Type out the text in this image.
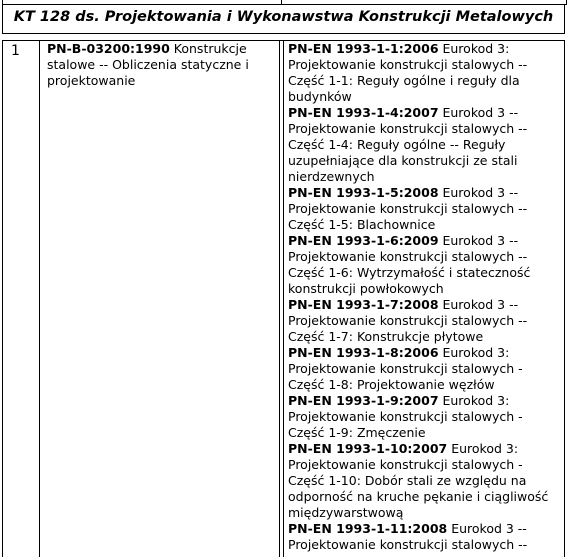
KT 128 ds. Projektowania i Wykonawstwa Konstrukcji Metalowych
1 PN-B-03200:1990 Konstrukcje stalowe -- Obliczenia statyczne i projektowanie

PN-EN 1993-1-1:2006 Eurokod 3: Projektowanie konstrukcji stalowych -- Część 1-1: Reguły ogólne i reguły dla budynków

PN-EN 1993-1-4:2007 Eurokod 3 -- Projektowanie konstrukcji stalowych -- Część 1-4: Reguły ogólne -- Reguły uzupełniające dla konstrukcji ze stali nierdzewnych

PN-EN 1993-1-5:2008 Eurokod 3 -- Projektowanie konstrukcji stalowych -- Część 1-5: Blachownice

PN-EN 1993-1-6:2009 Eurokod 3 -- Projektowanie konstrukcji stalowych -- Część 1-6: Wytrzymałość i stateczność konstrukcji powłokowych

PN-EN 1993-1-7:2008 Eurokod 3 -- Projektowanie konstrukcji stalowych -- Część 1-7: Konstrukcje płytowe

PN-EN 1993-1-8:2006 Eurokod 3: Projektowanie konstrukcji stalowych - Część 1-8: Projektowanie węzłów

PN-EN 1993-1-9:2007 Eurokod 3: Projektowanie konstrukcji stalowych - Część 1-9: Zmęczenie

PN-EN 1993-1-10:2007 Eurokod 3: Projektowanie konstrukcji stalowych - Część 1-10: Dobór stali ze względu na odporność na kruche pękanie i ciągliwość międzywarstwową

PN-EN 1993-1-11:2008 Eurokod 3 -- Projektowanie konstrukcji stalowych --
